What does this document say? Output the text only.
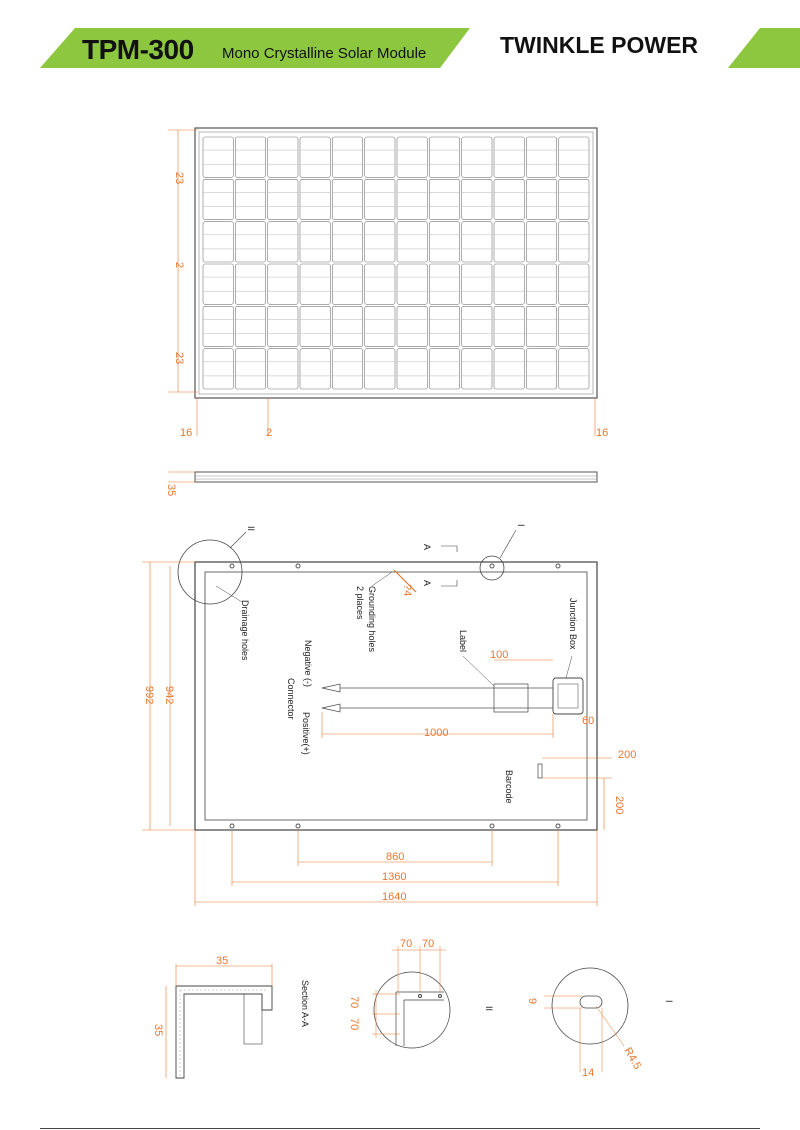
TPM-300 Mono Crystalline Solar Module	TWINKLE POWER
23
2
23
16	2	16
35
II
I
A
A
?4
Grounding holes
2 places
Drainage holes	Junction Box
Label
100
Negative (-)
Connector
Positive(+)	1000
60
200
Barcode
200
992 942
860
1360
1640
35
35
Section A-A
70 70
70
70
II
9
14
R4.5
I
